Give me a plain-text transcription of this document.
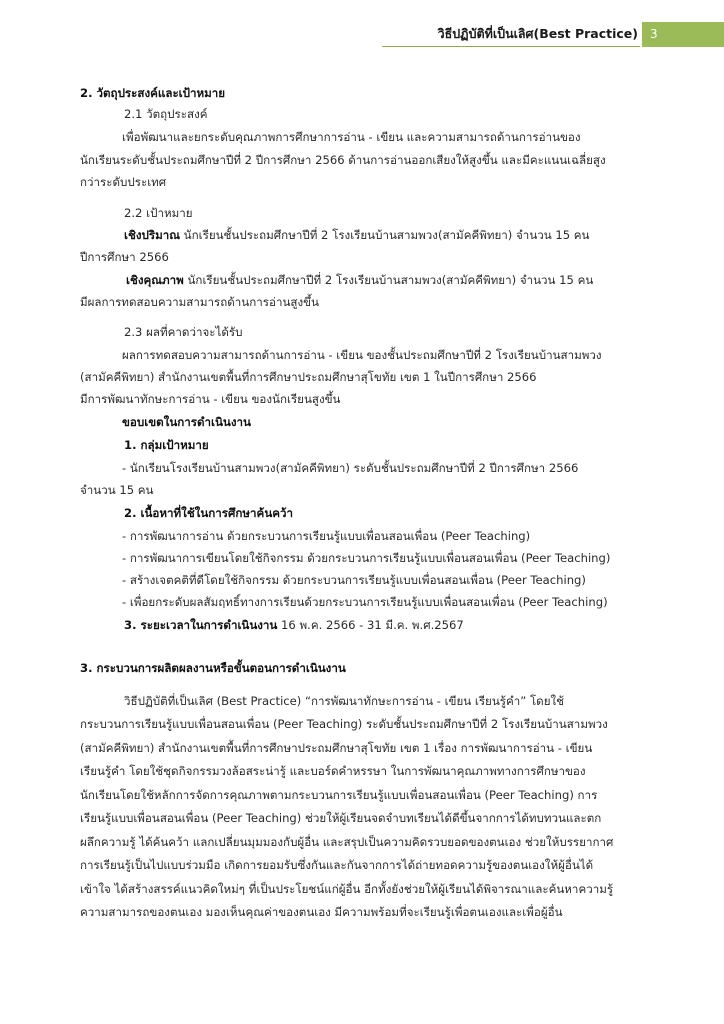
วิธีปฏิบัติที่เป็นเลิศ(Best Practice)	3
2. วัตถุประสงค์และเป้าหมาย
2.1 วัตถุประสงค์
เพื่อพัฒนาและยกระดับคุณภาพการศึกษาการอ่าน - เขียน และความสามารถด้านการอ่านของ
นักเรียนระดับชั้นประถมศึกษาปีที่ 2 ปีการศึกษา 2566 ด้านการอ่านออกเสียงให้สูงขึ้น และมีคะแนนเฉลี่ยสูง
กว่าระดับประเทศ
2.2 เป้าหมาย
เชิงปริมาณ นักเรียนชั้นประถมศึกษาปีที่ 2 โรงเรียนบ้านสามพวง(สามัคคีพิทยา) จำนวน 15 คน
ปีการศึกษา 2566
เชิงคุณภาพ นักเรียนชั้นประถมศึกษาปีที่ 2 โรงเรียนบ้านสามพวง(สามัคคีพิทยา) จำนวน 15 คน
มีผลการทดสอบความสามารถด้านการอ่านสูงขึ้น
2.3 ผลที่คาดว่าจะได้รับ
ผลการทดสอบความสามารถด้านการอ่าน - เขียน ของชั้นประถมศึกษาปีที่ 2 โรงเรียนบ้านสามพวง
(สามัคคีพิทยา) สำนักงานเขตพื้นที่การศึกษาประถมศึกษาสุโขทัย เขต 1 ในปีการศึกษา 2566
มีการพัฒนาทักษะการอ่าน - เขียน ของนักเรียนสูงขึ้น
ขอบเขตในการดำเนินงาน
1. กลุ่มเป้าหมาย
- นักเรียนโรงเรียนบ้านสามพวง(สามัคคีพิทยา) ระดับชั้นประถมศึกษาปีที่ 2 ปีการศึกษา 2566
จำนวน 15 คน
2. เนื้อหาที่ใช้ในการศึกษาค้นคว้า
- การพัฒนาการอ่าน ด้วยกระบวนการเรียนรู้แบบเพื่อนสอนเพื่อน (Peer Teaching)
- การพัฒนาการเขียนโดยใช้กิจกรรม ด้วยกระบวนการเรียนรู้แบบเพื่อนสอนเพื่อน (Peer Teaching)
- สร้างเจตคติที่ดีโดยใช้กิจกรรม ด้วยกระบวนการเรียนรู้แบบเพื่อนสอนเพื่อน (Peer Teaching)
- เพื่อยกระดับผลสัมฤทธิ์ทางการเรียนด้วยกระบวนการเรียนรู้แบบเพื่อนสอนเพื่อน (Peer Teaching)
3. ระยะเวลาในการดำเนินงาน 16 พ.ค. 2566 - 31 มี.ค. พ.ศ.2567
3. กระบวนการผลิตผลงานหรือขั้นตอนการดำเนินงาน
วิธีปฏิบัติที่เป็นเลิศ (Best Practice) “การพัฒนาทักษะการอ่าน - เขียน เรียนรู้คำ” โดยใช้
กระบวนการเรียนรู้แบบเพื่อนสอนเพื่อน (Peer Teaching) ระดับชั้นประถมศึกษาปีที่ 2 โรงเรียนบ้านสามพวง
(สามัคคีพิทยา) สำนักงานเขตพื้นที่การศึกษาประถมศึกษาสุโขทัย เขต 1 เรื่อง การพัฒนาการอ่าน - เขียน
เรียนรู้คำ โดยใช้ชุดกิจกรรมวงล้อสระน่ารู้ และบอร์ดคำหรรษา ในการพัฒนาคุณภาพทางการศึกษาของ
นักเรียนโดยใช้หลักการจัดการคุณภาพตามกระบวนการเรียนรู้แบบเพื่อนสอนเพื่อน (Peer Teaching) การ
เรียนรู้แบบเพื่อนสอนเพื่อน (Peer Teaching) ช่วยให้ผู้เรียนจดจำบทเรียนได้ดีขึ้นจากการได้ทบทวนและตก
ผลึกความรู้ ได้ค้นคว้า แลกเปลี่ยนมุมมองกับผู้อื่น และสรุปเป็นความคิดรวบยอดของตนเอง ช่วยให้บรรยากาศ
การเรียนรู้เป็นไปแบบร่วมมือ เกิดการยอมรับซึ่งกันและกันจากการได้ถ่ายทอดความรู้ของตนเองให้ผู้อื่นได้
เข้าใจ ได้สร้างสรรค์แนวคิดใหม่ๆ ที่เป็นประโยชน์แก่ผู้อื่น อีกทั้งยังช่วยให้ผู้เรียนได้พิจารณาและค้นหาความรู้
ความสามารถของตนเอง มองเห็นคุณค่าของตนเอง มีความพร้อมที่จะเรียนรู้เพื่อตนเองและเพื่อผู้อื่น
